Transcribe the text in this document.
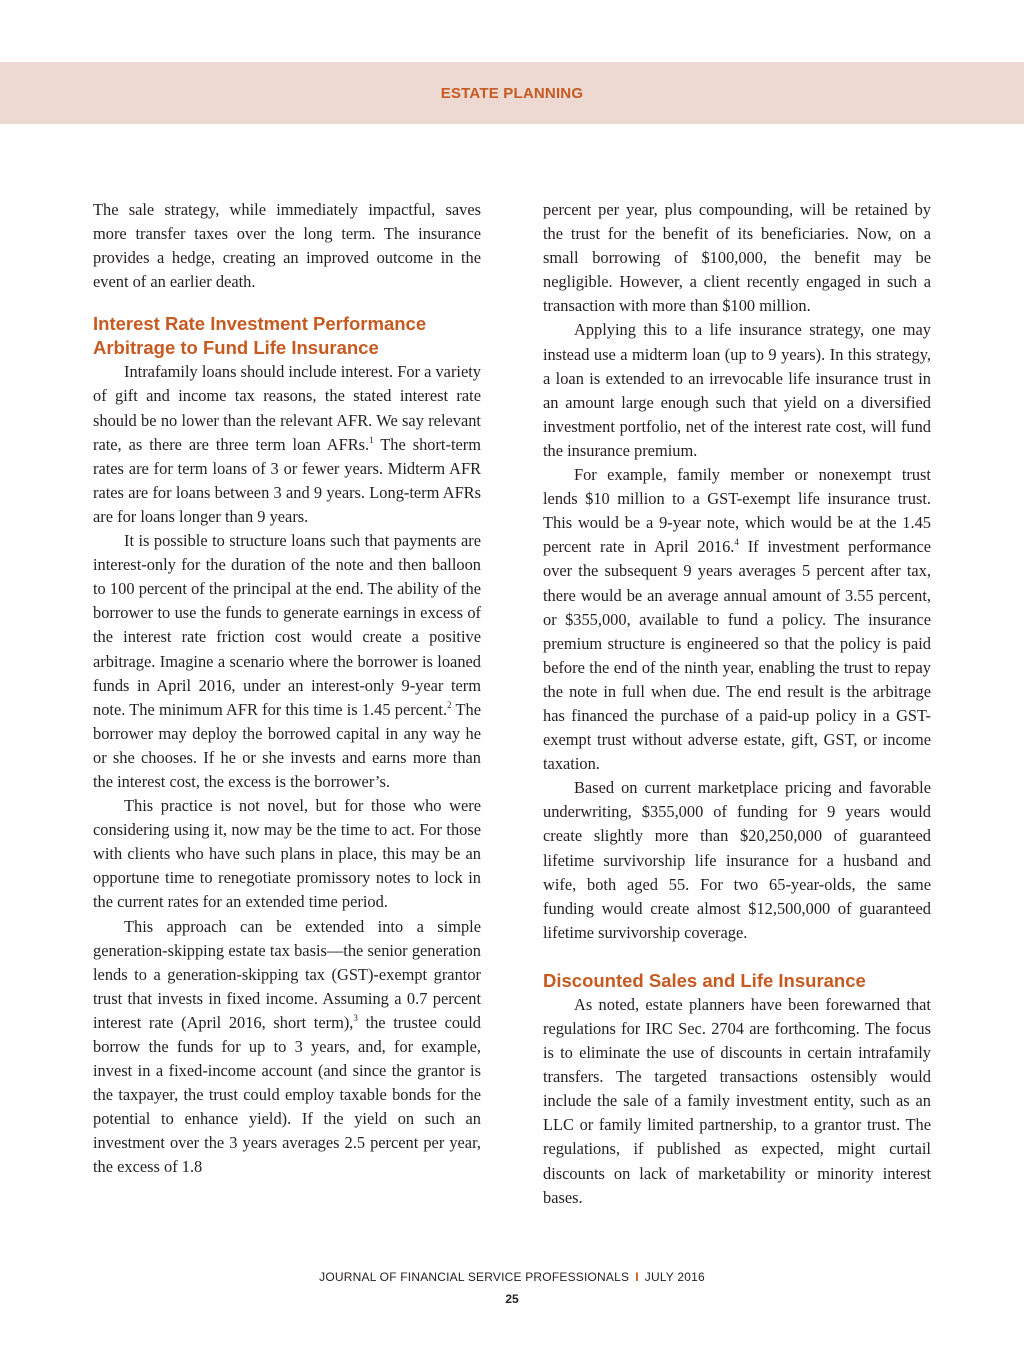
ESTATE PLANNING

The sale strategy, while immediately impactful, saves more transfer taxes over the long term. The insurance provides a hedge, creating an improved outcome in the event of an earlier death.

Interest Rate Investment Performance Arbitrage to Fund Life Insurance

Intrafamily loans should include interest. For a variety of gift and income tax reasons, the stated interest rate should be no lower than the relevant AFR. We say relevant rate, as there are three term loan AFRs.$^1$ The short-term rates are for term loans of 3 or fewer years. Midterm AFR rates are for loans between 3 and 9 years. Long-term AFRs are for loans longer than 9 years.

It is possible to structure loans such that payments are interest-only for the duration of the note and then balloon to 100 percent of the principal at the end. The ability of the borrower to use the funds to generate earnings in excess of the interest rate friction cost would create a positive arbitrage. Imagine a scenario where the borrower is loaned funds in April 2016, under an interest-only 9-year term note. The minimum AFR for this time is 1.45 percent.$^2$ The borrower may deploy the borrowed capital in any way he or she chooses. If he or she invests and earns more than the interest cost, the excess is the borrower’s.

This practice is not novel, but for those who were considering using it, now may be the time to act. For those with clients who have such plans in place, this may be an opportune time to renegotiate promissory notes to lock in the current rates for an extended time period.

This approach can be extended into a simple generation-skipping estate tax basis—the senior generation lends to a generation-skipping tax (GST)-exempt grantor trust that invests in fixed income. Assuming a 0.7 percent interest rate (April 2016, short term),$^3$ the trustee could borrow the funds for up to 3 years, and, for example, invest in a fixed-income account (and since the grantor is the taxpayer, the trust could employ taxable bonds for the potential to enhance yield). If the yield on such an investment over the 3 years averages 2.5 percent per year, the excess of 1.8

percent per year, plus compounding, will be retained by the trust for the benefit of its beneficiaries. Now, on a small borrowing of $100,000, the benefit may be negligible. However, a client recently engaged in such a transaction with more than $100 million.

Applying this to a life insurance strategy, one may instead use a midterm loan (up to 9 years). In this strategy, a loan is extended to an irrevocable life insurance trust in an amount large enough such that yield on a diversified investment portfolio, net of the interest rate cost, will fund the insurance premium.

For example, family member or nonexempt trust lends $10 million to a GST-exempt life insurance trust. This would be a 9-year note, which would be at the 1.45 percent rate in April 2016.$^4$ If investment performance over the subsequent 9 years averages 5 percent after tax, there would be an average annual amount of 3.55 percent, or $355,000, available to fund a policy. The insurance premium structure is engineered so that the policy is paid before the end of the ninth year, enabling the trust to repay the note in full when due. The end result is the arbitrage has financed the purchase of a paid-up policy in a GST-exempt trust without adverse estate, gift, GST, or income taxation.

Based on current marketplace pricing and favorable underwriting, $355,000 of funding for 9 years would create slightly more than $20,250,000 of guaranteed lifetime survivorship life insurance for a husband and wife, both aged 55. For two 65-year-olds, the same funding would create almost $12,500,000 of guaranteed lifetime survivorship coverage.

Discounted Sales and Life Insurance

As noted, estate planners have been forewarned that regulations for IRC Sec. 2704 are forthcoming. The focus is to eliminate the use of discounts in certain intrafamily transfers. The targeted transactions ostensibly would include the sale of a family investment entity, such as an LLC or family limited partnership, to a grantor trust. The regulations, if published as expected, might curtail discounts on lack of marketability or minority interest bases.

JOURNAL OF FINANCIAL SERVICE PROFESSIONALS I JULY 2016
25
